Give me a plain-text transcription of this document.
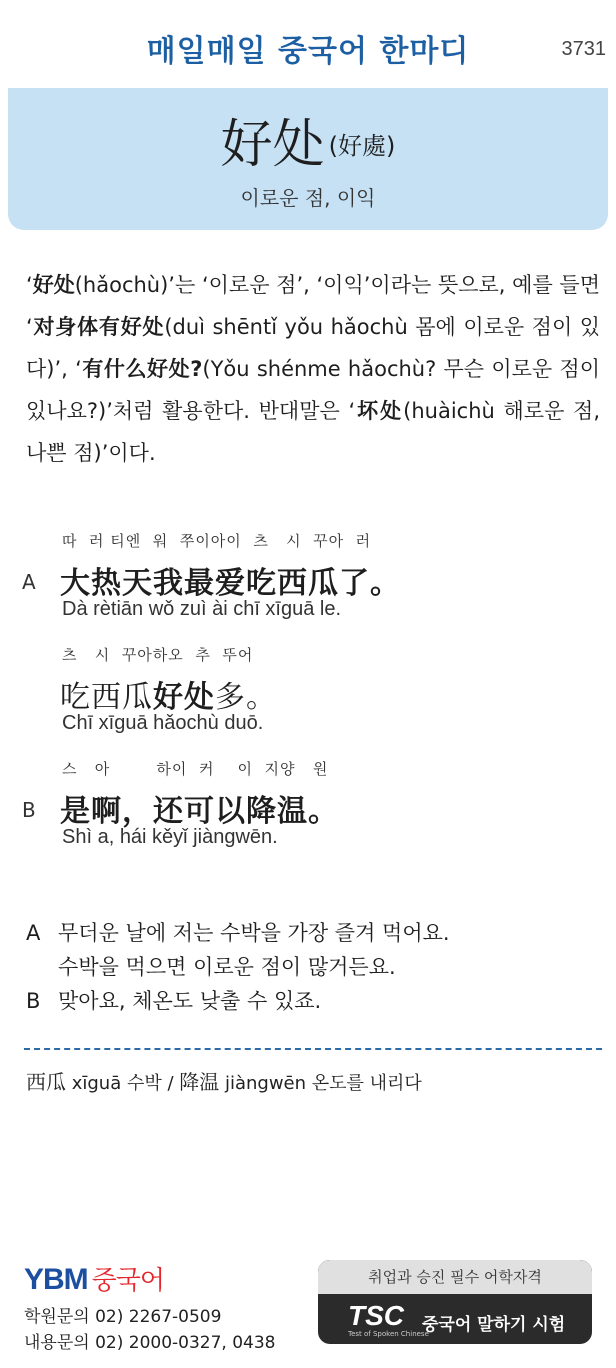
매일매일 중국어 한마디	3731
好处 (好處)
이로운 점, 이익
‘好处(hǎochù)’는 ‘이로운 점’, ‘이익’이라는 뜻으로, 예를 들면 ‘对身体有好处(duì shēntǐ yǒu hǎochù 몸에 이로운 점이 있다)’, ‘有什么好处?(Yǒu shénme hǎochù? 무슨 이로운 점이 있나요?)’처럼 활용한다. 반대말은 ‘坏处(huàichù 해로운 점, 나쁜 점)’이다.
따  러 티엔  워  쭈이아이  츠   시  꾸아  러
A 大热天我最爱吃西瓜了。
Dà rètiān wǒ zuì ài chī xīguā le.
츠   시  꾸아하오  추  뚜어
吃西瓜好处多。
Chī xīguā hǎochù duō.
스   아        하이  커    이  지양   원
B 是啊，还可以降温。
Shì a, hái kěyǐ jiàngwēn.
A 무더운 날에 저는 수박을 가장 즐겨 먹어요.
수박을 먹으면 이로운 점이 많거든요.
B 맞아요, 체온도 낮출 수 있죠.
西瓜 xīguā 수박 / 降温 jiàngwēn 온도를 내리다
YBM 중국어
학원문의 02) 2267-0509
내용문의 02) 2000-0327, 0438
취업과 승진 필수 어학자격
TSC
Test of Spoken Chinese
중국어 말하기 시험
